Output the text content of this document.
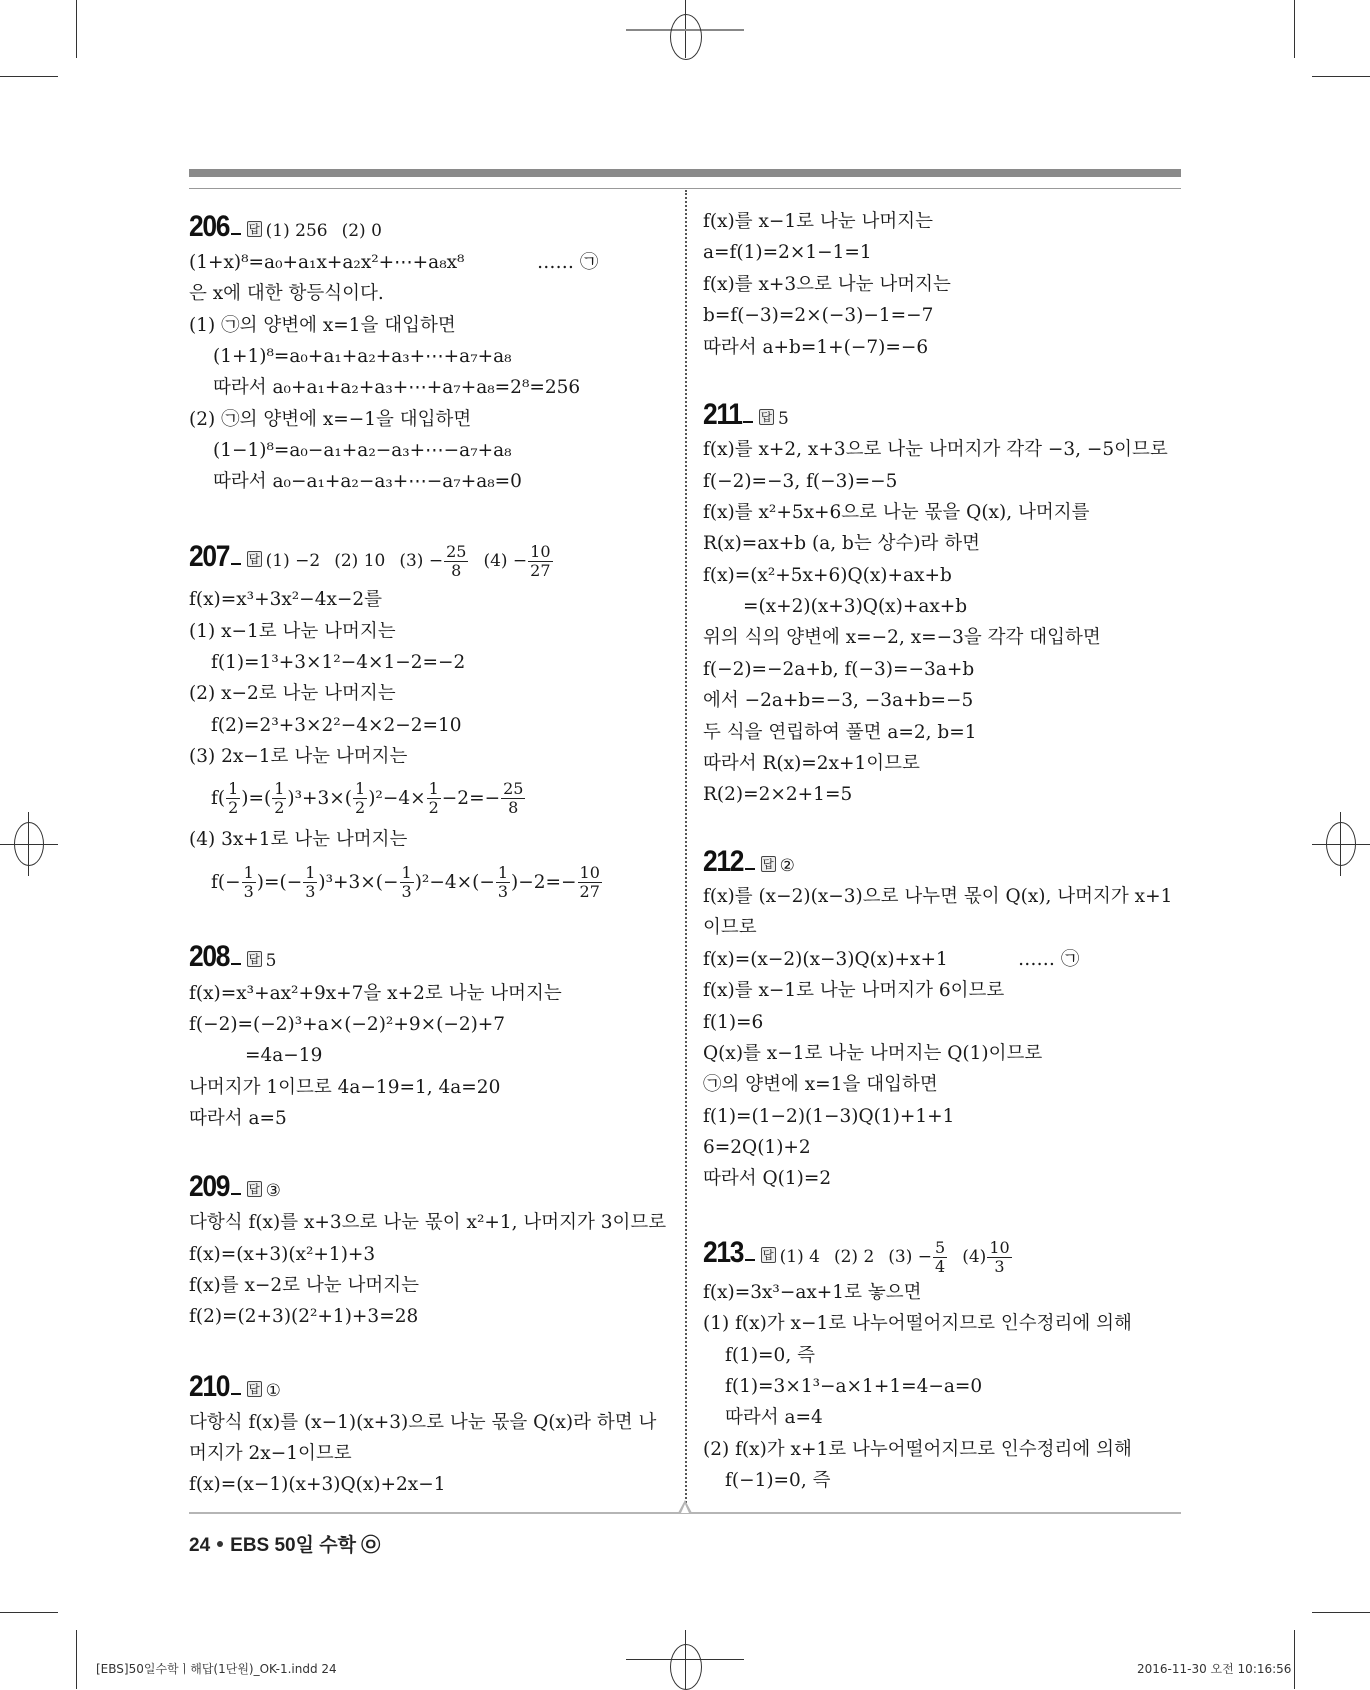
206 답 (1) 256 (2) 0
(1+x)⁸=a₀+a₁x+a₂x²+⋯+a₈x⁸	…… ㉠
은 x에 대한 항등식이다.
(1) ㉠의 양변에 x=1을 대입하면
(1+1)⁸=a₀+a₁+a₂+a₃+⋯+a₇+a₈
따라서 a₀+a₁+a₂+a₃+⋯+a₇+a₈=2⁸=256
(2) ㉠의 양변에 x=−1을 대입하면
(1−1)⁸=a₀−a₁+a₂−a₃+⋯−a₇+a₈
따라서 a₀−a₁+a₂−a₃+⋯−a₇+a₈=0
207 답 (1) −2 (2) 10 $(3) - \frac{25}{8} (4) - \frac{10}{27}$
f(x)=x³+3x²−4x−2를
(1) x−1로 나눈 나머지는
f(1)=1³+3×1²−4×1−2=−2
(2) x−2로 나눈 나머지는
f(2)=2³+3×2²−4×2−2=10
(3) 2x−1로 나눈 나머지는
$f( \frac{1}{2}$ )=( $\frac{1}{2} )^3+3\times( \frac{1}{2} )^2-4\times \frac{1}{2} -2=- \frac{25}{8}$
(4) 3x+1로 나눈 나머지는
$f(- \frac{1}{3}$ )=(− $\frac{1}{3} )^3+3\times(- \frac{1}{3} )^2-4\times(- \frac{1}{3} )-2=- \frac{10}{27}$
208 답 5
f(x)=x³+ax²+9x+7을 x+2로 나눈 나머지는
f(−2)=(−2)³+a×(−2)²+9×(−2)+7
=4a−19
나머지가 1이므로 4a−19=1, 4a=20
따라서 a=5
209 답 ③
다항식 f(x)를 x+3으로 나눈 몫이 x²+1, 나머지가 3이므로
f(x)=(x+3)(x²+1)+3
f(x)를 x−2로 나눈 나머지는
f(2)=(2+3)(2²+1)+3=28
210 답 ①
다항식 f(x)를 (x−1)(x+3)으로 나눈 몫을 Q(x)라 하면 나
머지가 2x−1이므로
f(x)=(x−1)(x+3)Q(x)+2x−1
f(x)를 x−1로 나눈 나머지는
a=f(1)=2×1−1=1
f(x)를 x+3으로 나눈 나머지는
b=f(−3)=2×(−3)−1=−7
따라서 a+b=1+(−7)=−6
211 답 5
f(x)를 x+2, x+3으로 나눈 나머지가 각각 −3, −5이므로
f(−2)=−3, f(−3)=−5
f(x)를 x²+5x+6으로 나눈 몫을 Q(x), 나머지를
R(x)=ax+b (a, b는 상수)라 하면
f(x)=(x²+5x+6)Q(x)+ax+b
=(x+2)(x+3)Q(x)+ax+b
위의 식의 양변에 x=−2, x=−3을 각각 대입하면
f(−2)=−2a+b, f(−3)=−3a+b
에서 −2a+b=−3, −3a+b=−5
두 식을 연립하여 풀면 a=2, b=1
따라서 R(x)=2x+1이므로
R(2)=2×2+1=5
212 답 ②
f(x)를 (x−2)(x−3)으로 나누면 몫이 Q(x), 나머지가 x+1
이므로
f(x)=(x−2)(x−3)Q(x)+x+1	…… ㉠
f(x)를 x−1로 나눈 나머지가 6이므로
f(1)=6
Q(x)를 x−1로 나눈 나머지는 Q(1)이므로
㉠의 양변에 x=1을 대입하면
f(1)=(1−2)(1−3)Q(1)+1+1
6=2Q(1)+2
따라서 Q(1)=2
213 답 (1) 4 (2) 2 $(3) - \frac{5}{4} (4) \frac{10}{3}$
f(x)=3x³−ax+1로 놓으면
(1) f(x)가 x−1로 나누어떨어지므로 인수정리에 의해
f(1)=0, 즉
f(1)=3×1³−a×1+1=4−a=0
따라서 a=4
(2) f(x)가 x+1로 나누어떨어지므로 인수정리에 의해
f(−1)=0, 즉
24 EBS 50일 수학 ㉧
[EBS]50일수학ㅣ해답(1단원)_OK-1.indd 24	2016-11-30 오전 10:16:56
